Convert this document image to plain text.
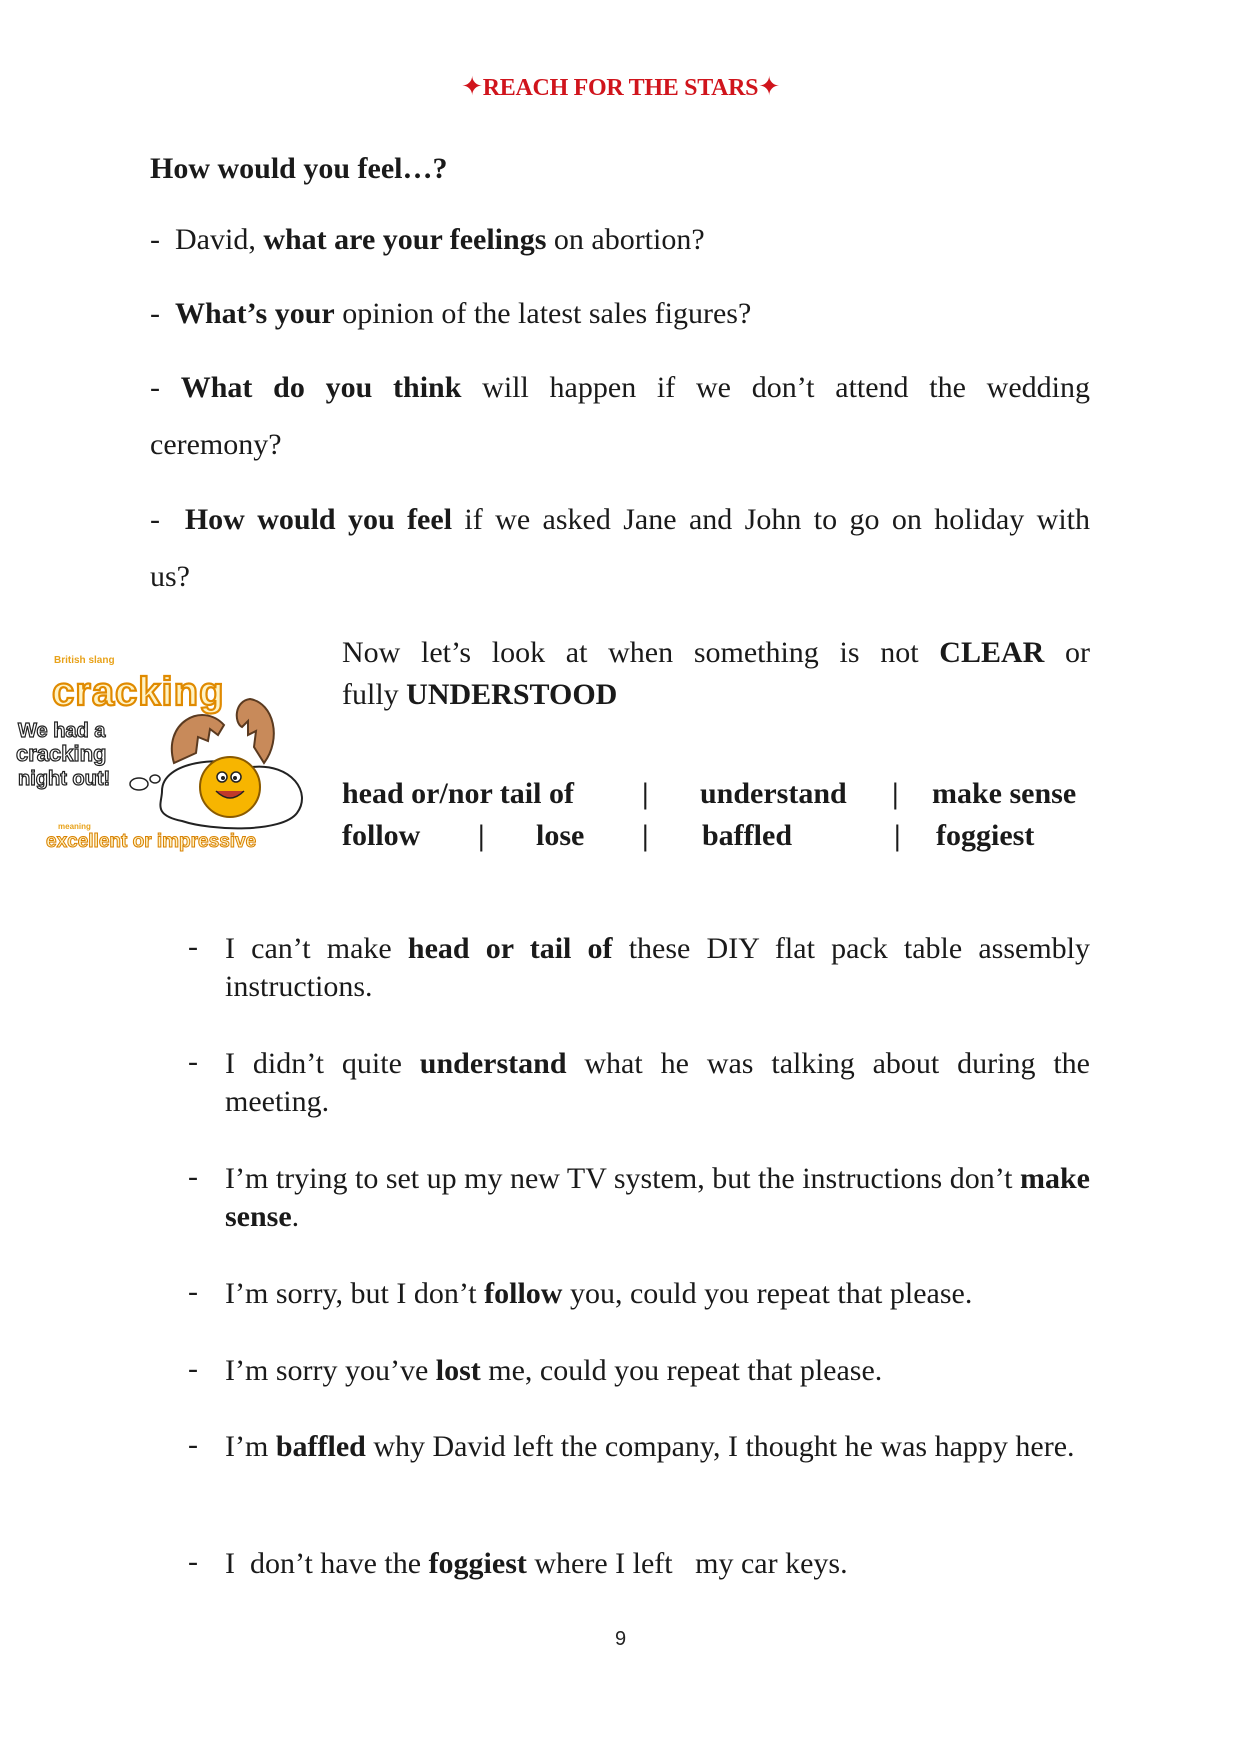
✦REACH FOR THE STARS✦
How would you feel…?
- David, what are your feelings on abortion?
- What’s your opinion of the latest sales figures?
- What do you think will happen if we don’t attend the wedding
ceremony?
- How would you feel if we asked Jane and John to go on holiday with
us?
British slang
cracking
We had a
cracking
night out!
meaning
excellent or impressive
Now let’s look at when something is not CLEAR or
fully UNDERSTOOD
head or/nor tail of | understand | make sense
follow | lose | baffled	| foggiest
- I can’t make head or tail of these DIY flat pack table assembly instructions.
- I didn’t quite understand what he was talking about during the meeting.
- I’m trying to set up my new TV system, but the instructions don’t make sense.
- I’m sorry, but I don’t follow you, could you repeat that please.
- I’m sorry you’ve lost me, could you repeat that please.
- I’m baffled why David left the company, I thought he was happy here.
- I  don’t have the foggiest where I left   my car keys.
9
